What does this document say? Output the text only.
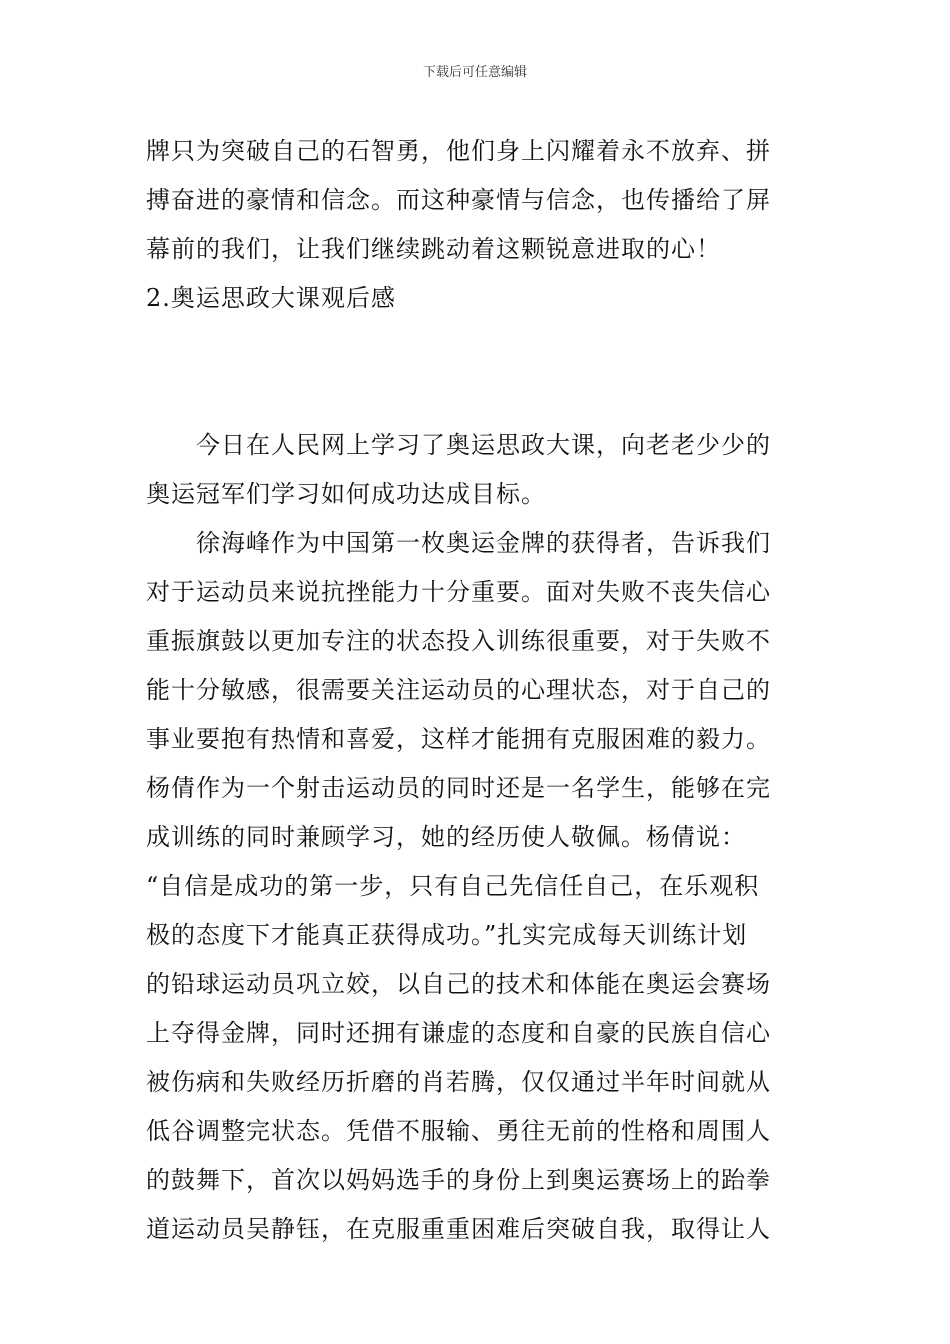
下载后可任意编辑
牌只为突破自己的石智勇，他们身上闪耀着永不放弃、拼
搏奋进的豪情和信念。而这种豪情与信念，也传播给了屏
幕前的我们，让我们继续跳动着这颗锐意进取的心！
2.奥运思政大课观后感
今日在人民网上学习了奥运思政大课，向老老少少的
奥运冠军们学习如何成功达成目标。
徐海峰作为中国第一枚奥运金牌的获得者，告诉我们
对于运动员来说抗挫能力十分重要。面对失败不丧失信心
重振旗鼓以更加专注的状态投入训练很重要，对于失败不
能十分敏感，很需要关注运动员的心理状态，对于自己的
事业要抱有热情和喜爱，这样才能拥有克服困难的毅力。
杨倩作为一个射击运动员的同时还是一名学生，能够在完
成训练的同时兼顾学习，她的经历使人敬佩。杨倩说：
“自信是成功的第一步，只有自己先信任自己，在乐观积
极的态度下才能真正获得成功。”扎实完成每天训练计划
的铅球运动员巩立姣，以自己的技术和体能在奥运会赛场
上夺得金牌，同时还拥有谦虚的态度和自豪的民族自信心
被伤病和失败经历折磨的肖若腾，仅仅通过半年时间就从
低谷调整完状态。凭借不服输、勇往无前的性格和周围人
的鼓舞下，首次以妈妈选手的身份上到奥运赛场上的跆拳
道运动员吴静钰，在克服重重困难后突破自我，取得让人
